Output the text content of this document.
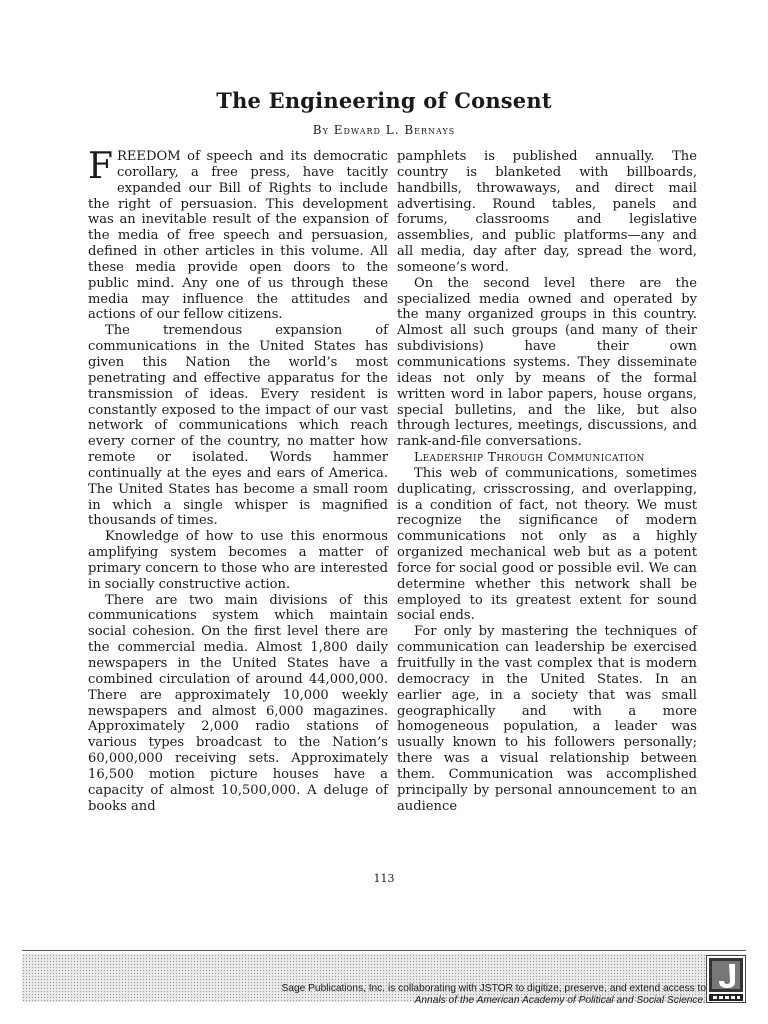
The Engineering of Consent
By Edward L. Bernays

FREEDOM of speech and its democratic corollary, a free press, have tacitly expanded our Bill of Rights to include the right of persuasion. This development was an inevitable result of the expansion of the media of free speech and persuasion, defined in other articles in this volume. All these media provide open doors to the public mind. Any one of us through these media may influence the attitudes and actions of our fellow citizens.

The tremendous expansion of communications in the United States has given this Nation the world’s most penetrating and effective apparatus for the transmission of ideas. Every resident is constantly exposed to the impact of our vast network of communications which reach every corner of the country, no matter how remote or isolated. Words hammer continually at the eyes and ears of America. The United States has become a small room in which a single whisper is magnified thousands of times.

Knowledge of how to use this enormous amplifying system becomes a matter of primary concern to those who are interested in socially constructive action.

There are two main divisions of this communications system which maintain social cohesion. On the first level there are the commercial media. Almost 1,800 daily newspapers in the United States have a combined circulation of around 44,000,000. There are approximately 10,000 weekly newspapers and almost 6,000 magazines. Approximately 2,000 radio stations of various types broadcast to the Nation’s 60,000,000 receiving sets. Approximately 16,500 motion picture houses have a capacity of almost 10,500,000. A deluge of books and

pamphlets is published annually. The country is blanketed with billboards, handbills, throwaways, and direct mail advertising. Round tables, panels and forums, classrooms and legislative assemblies, and public platforms—any and all media, day after day, spread the word, someone’s word.

On the second level there are the specialized media owned and operated by the many organized groups in this country. Almost all such groups (and many of their subdivisions) have their own communications systems. They disseminate ideas not only by means of the formal written word in labor papers, house organs, special bulletins, and the like, but also through lectures, meetings, discussions, and rank-and-file conversations.

Leadership Through Communication

This web of communications, sometimes duplicating, crisscrossing, and overlapping, is a condition of fact, not theory. We must recognize the significance of modern communications not only as a highly organized mechanical web but as a potent force for social good or possible evil. We can determine whether this network shall be employed to its greatest extent for sound social ends.

For only by mastering the techniques of communication can leadership be exercised fruitfully in the vast complex that is modern democracy in the United States. In an earlier age, in a society that was small geographically and with a more homogeneous population, a leader was usually known to his followers personally; there was a visual relationship between them. Communication was accomplished principally by personal announcement to an audience

113
Sage Publications, Inc. is collaborating with JSTOR to digitize, preserve, and extend access to
Annals of the American Academy of Political and Social Science.
